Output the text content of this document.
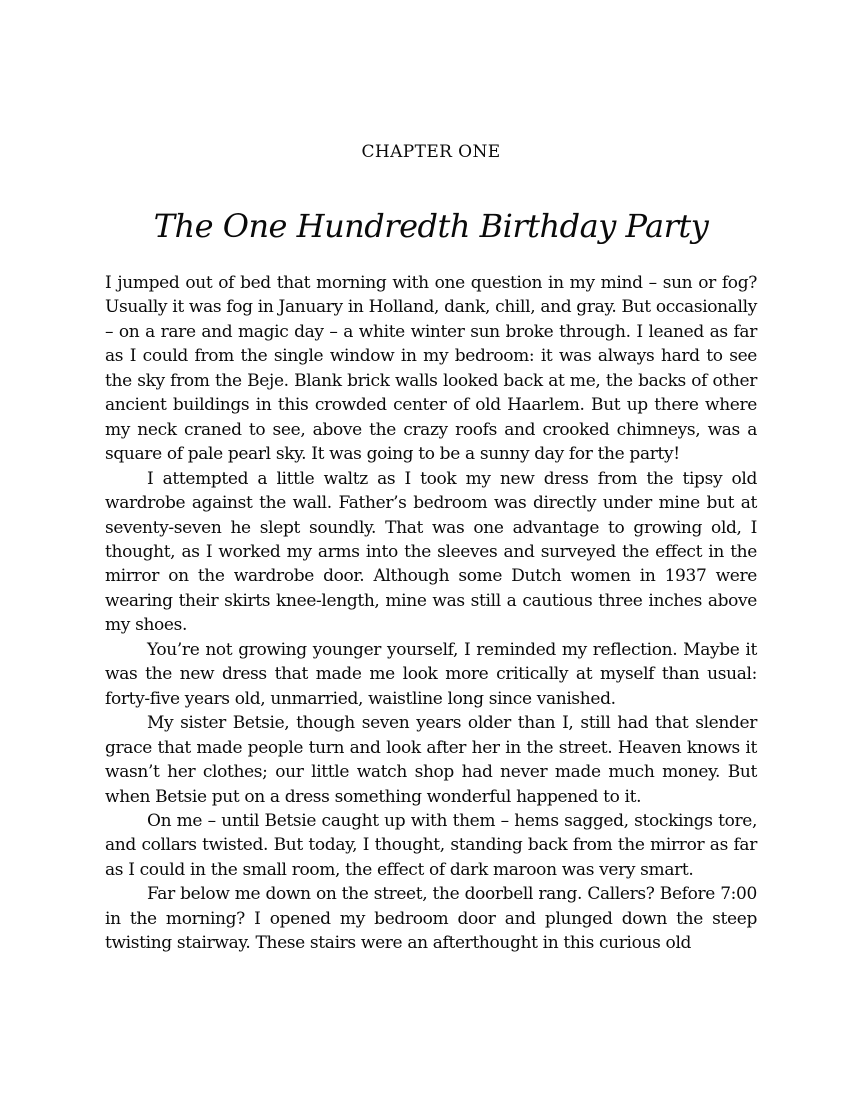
CHAPTER ONE
The One Hundredth Birthday Party

I jumped out of bed that morning with one question in my mind – sun or fog? Usually it was fog in January in Holland, dank, chill, and gray. But occasionally – on a rare and magic day – a white winter sun broke through. I leaned as far as I could from the single window in my bedroom: it was always hard to see the sky from the Beje. Blank brick walls looked back at me, the backs of other ancient buildings in this crowded center of old Haarlem. But up there where my neck craned to see, above the crazy roofs and crooked chimneys, was a square of pale pearl sky. It was going to be a sunny day for the party!

I attempted a little waltz as I took my new dress from the tipsy old wardrobe against the wall. Father’s bedroom was directly under mine but at seventy-seven he slept soundly. That was one advantage to growing old, I thought, as I worked my arms into the sleeves and surveyed the effect in the mirror on the wardrobe door. Although some Dutch women in 1937 were wearing their skirts knee-length, mine was still a cautious three inches above my shoes.

You’re not growing younger yourself, I reminded my reflection. Maybe it was the new dress that made me look more critically at myself than usual: forty-five years old, unmarried, waistline long since vanished.

My sister Betsie, though seven years older than I, still had that slender grace that made people turn and look after her in the street. Heaven knows it wasn’t her clothes; our little watch shop had never made much money. But when Betsie put on a dress something wonderful happened to it.

On me – until Betsie caught up with them – hems sagged, stockings tore, and collars twisted. But today, I thought, standing back from the mirror as far as I could in the small room, the effect of dark maroon was very smart.

Far below me down on the street, the doorbell rang. Callers? Before 7:00 in the morning? I opened my bedroom door and plunged down the steep twisting stairway. These stairs were an afterthought in this curious old
